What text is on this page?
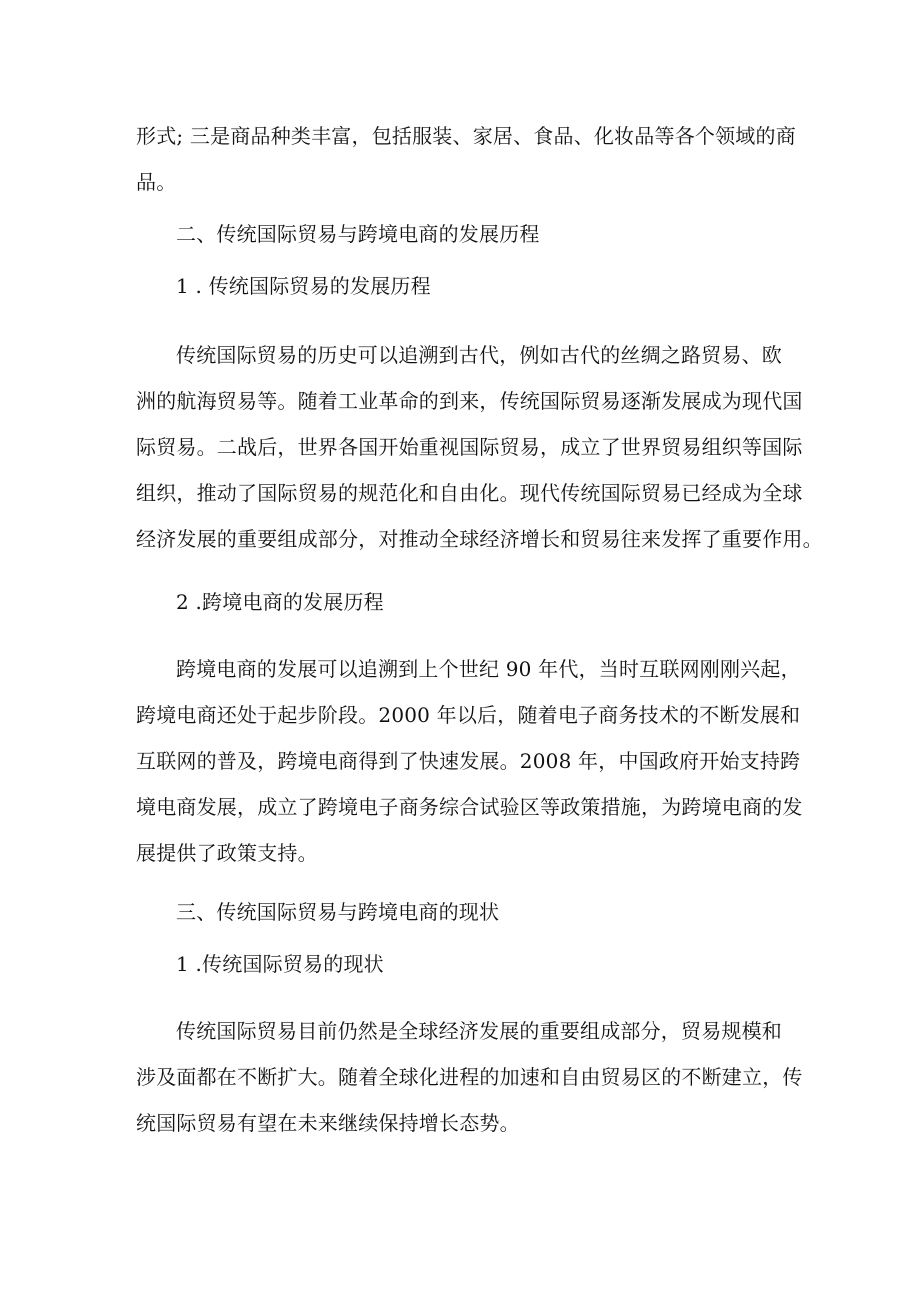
形式; 三是商品种类丰富，包括服装、家居、食品、化妆品等各个领域的商
品。
二、传统国际贸易与跨境电商的发展历程
1 . 传统国际贸易的发展历程
传统国际贸易的历史可以追溯到古代，例如古代的丝绸之路贸易、欧
洲的航海贸易等。随着工业革命的到来，传统国际贸易逐渐发展成为现代国
际贸易。二战后，世界各国开始重视国际贸易，成立了世界贸易组织等国际
组织，推动了国际贸易的规范化和自由化。现代传统国际贸易已经成为全球
经济发展的重要组成部分，对推动全球经济增长和贸易往来发挥了重要作用。
2 .跨境电商的发展历程
跨境电商的发展可以追溯到上个世纪 90 年代，当时互联网刚刚兴起，
跨境电商还处于起步阶段。2000 年以后，随着电子商务技术的不断发展和
互联网的普及，跨境电商得到了快速发展。2008 年，中国政府开始支持跨
境电商发展，成立了跨境电子商务综合试验区等政策措施，为跨境电商的发
展提供了政策支持。
三、传统国际贸易与跨境电商的现状
1 .传统国际贸易的现状
传统国际贸易目前仍然是全球经济发展的重要组成部分，贸易规模和
涉及面都在不断扩大。随着全球化进程的加速和自由贸易区的不断建立，传
统国际贸易有望在未来继续保持增长态势。
